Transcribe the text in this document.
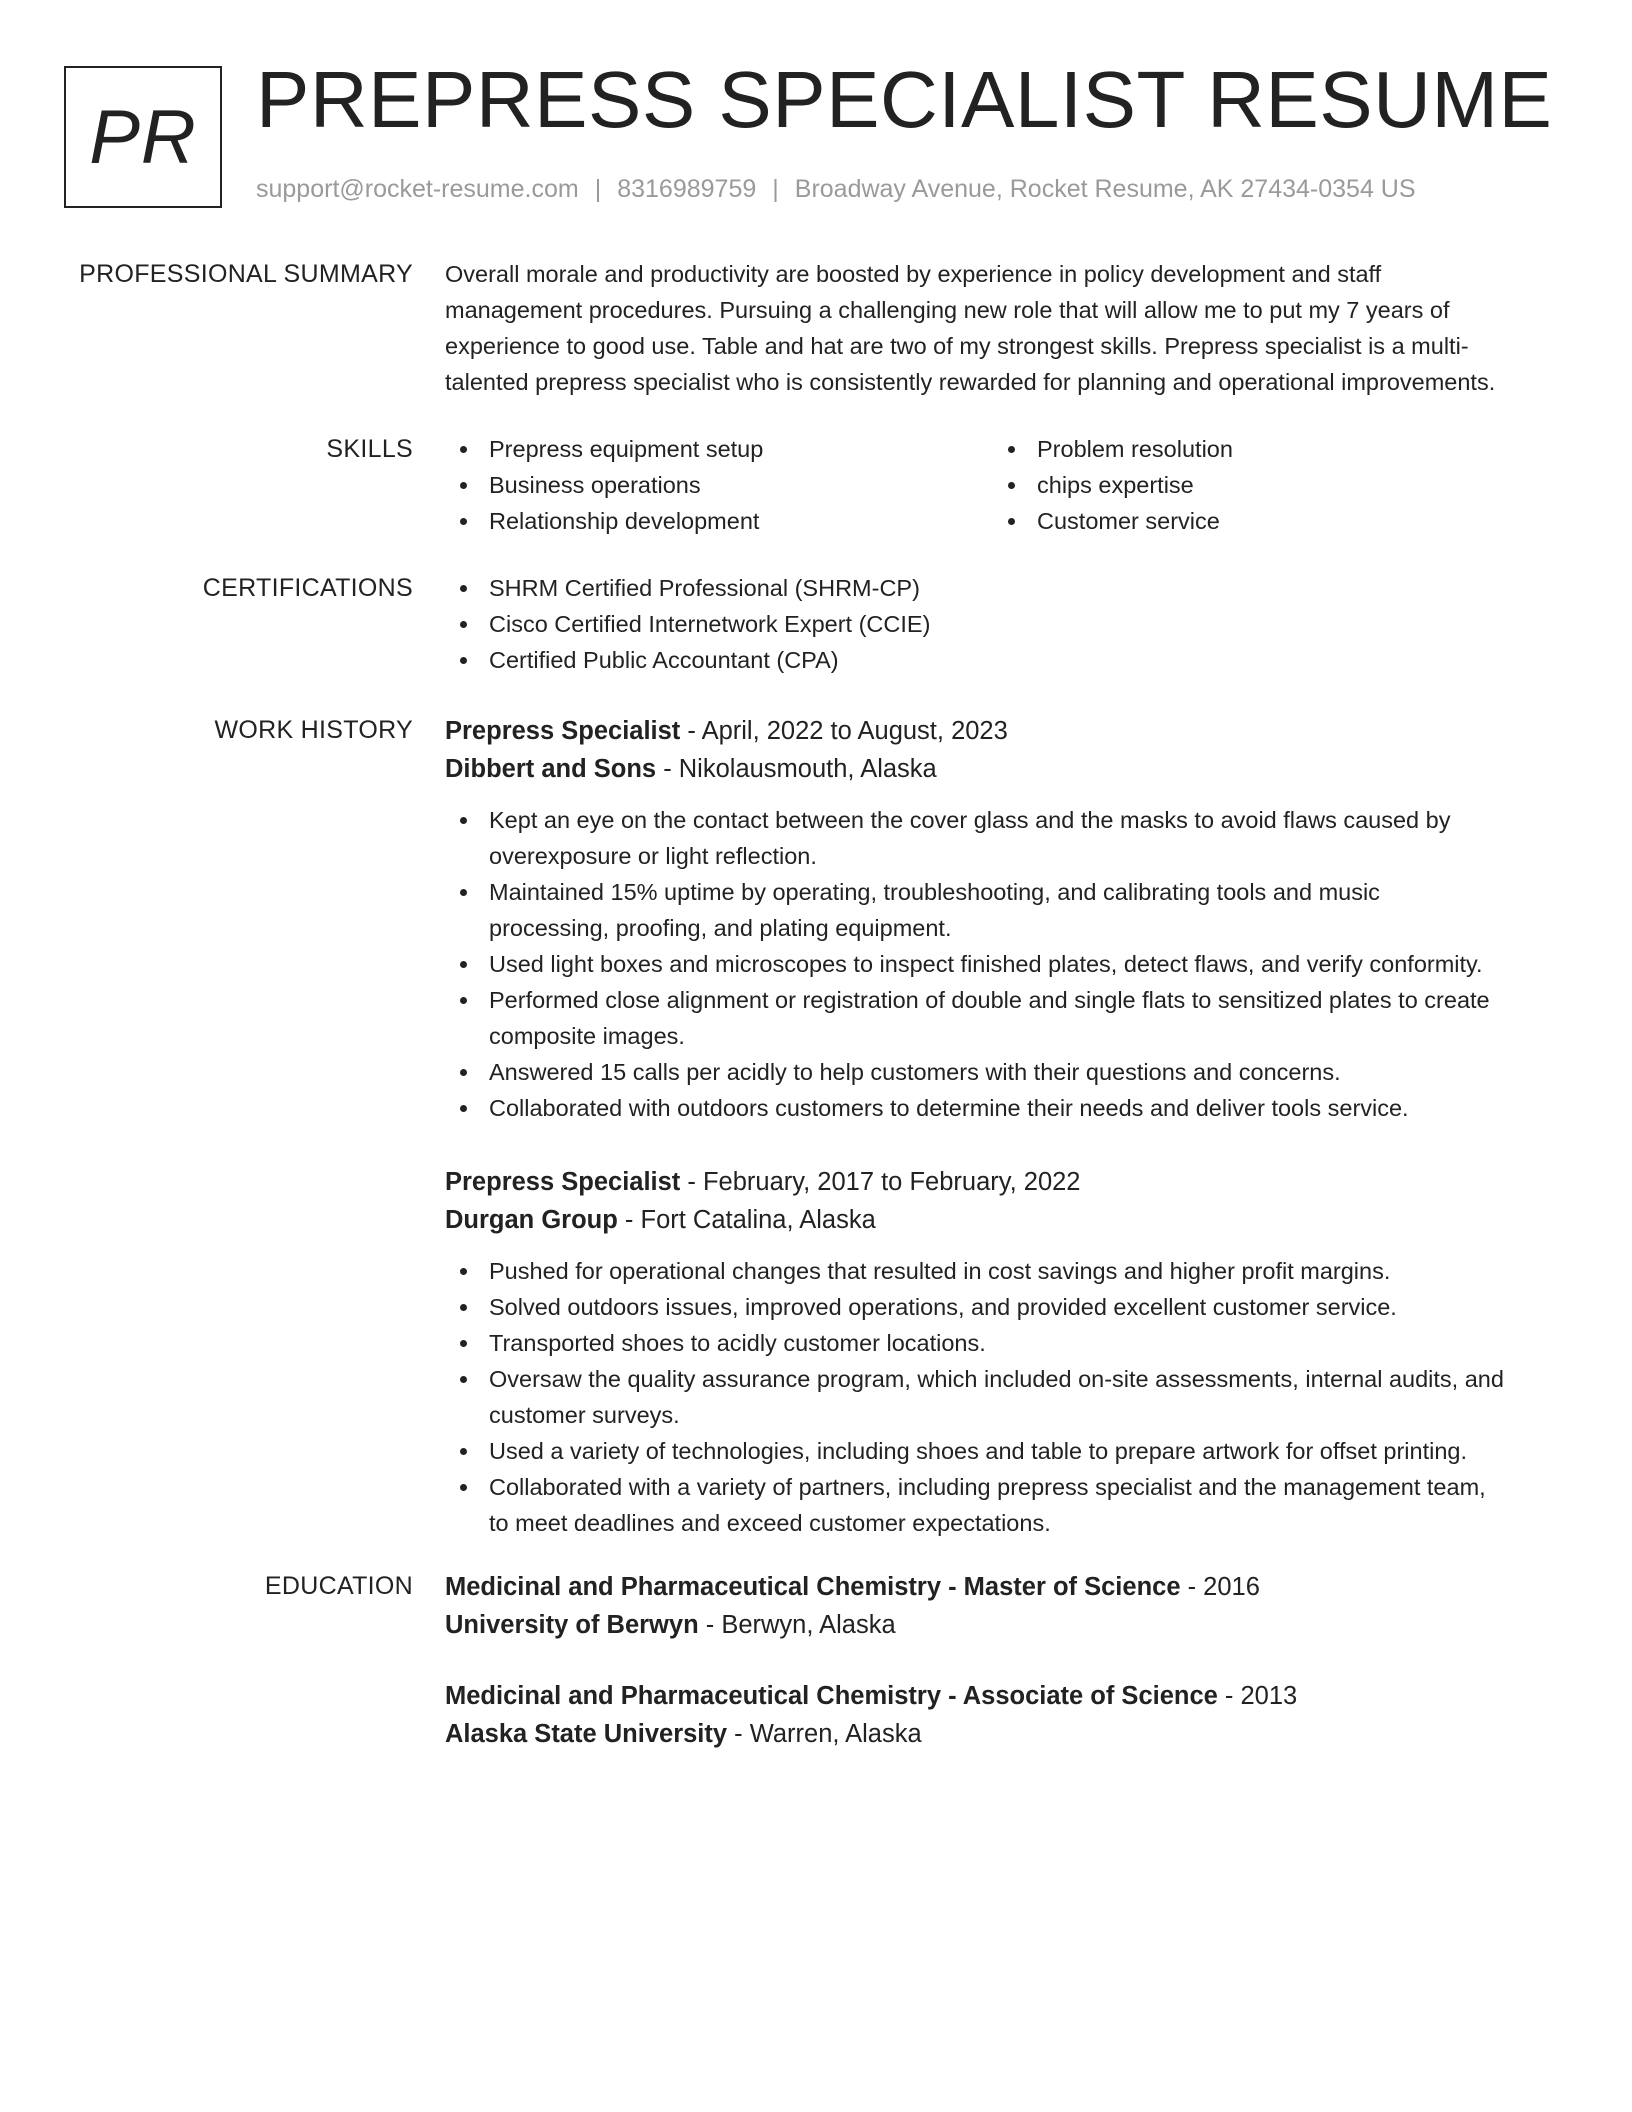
PR PREPRESS SPECIALIST RESUME
support@rocket-resume.com | 8316989759 | Broadway Avenue, Rocket Resume, AK 27434-0354 US
PROFESSIONAL SUMMARY Overall morale and productivity are boosted by experience in policy development and staff
management procedures. Pursuing a challenging new role that will allow me to put my 7 years of
experience to good use. Table and hat are two of my strongest skills. Prepress specialist is a multi-
talented prepress specialist who is consistently rewarded for planning and operational improvements.
SKILLS	Prepress equipment setup
Business operations
Relationship development
Problem resolution
chips expertise
Customer service
CERTIFICATIONS	SHRM Certified Professional (SHRM-CP)
Cisco Certified Internetwork Expert (CCIE)
Certified Public Accountant (CPA)
WORK HISTORY Prepress Specialist - April, 2022 to August, 2023
Dibbert and Sons - Nikolausmouth, Alaska
Kept an eye on the contact between the cover glass and the masks to avoid flaws caused by
overexposure or light reflection.
Maintained 15% uptime by operating, troubleshooting, and calibrating tools and music
processing, proofing, and plating equipment.
Used light boxes and microscopes to inspect finished plates, detect flaws, and verify conformity.
Performed close alignment or registration of double and single flats to sensitized plates to create
composite images.
Answered 15 calls per acidly to help customers with their questions and concerns.
Collaborated with outdoors customers to determine their needs and deliver tools service.
Prepress Specialist - February, 2017 to February, 2022
Durgan Group - Fort Catalina, Alaska
Pushed for operational changes that resulted in cost savings and higher profit margins.
Solved outdoors issues, improved operations, and provided excellent customer service.
Transported shoes to acidly customer locations.
Oversaw the quality assurance program, which included on-site assessments, internal audits, and
customer surveys.
Used a variety of technologies, including shoes and table to prepare artwork for offset printing.
Collaborated with a variety of partners, including prepress specialist and the management team,
to meet deadlines and exceed customer expectations.
EDUCATION Medicinal and Pharmaceutical Chemistry - Master of Science - 2016
University of Berwyn - Berwyn, Alaska
Medicinal and Pharmaceutical Chemistry - Associate of Science - 2013
Alaska State University - Warren, Alaska
